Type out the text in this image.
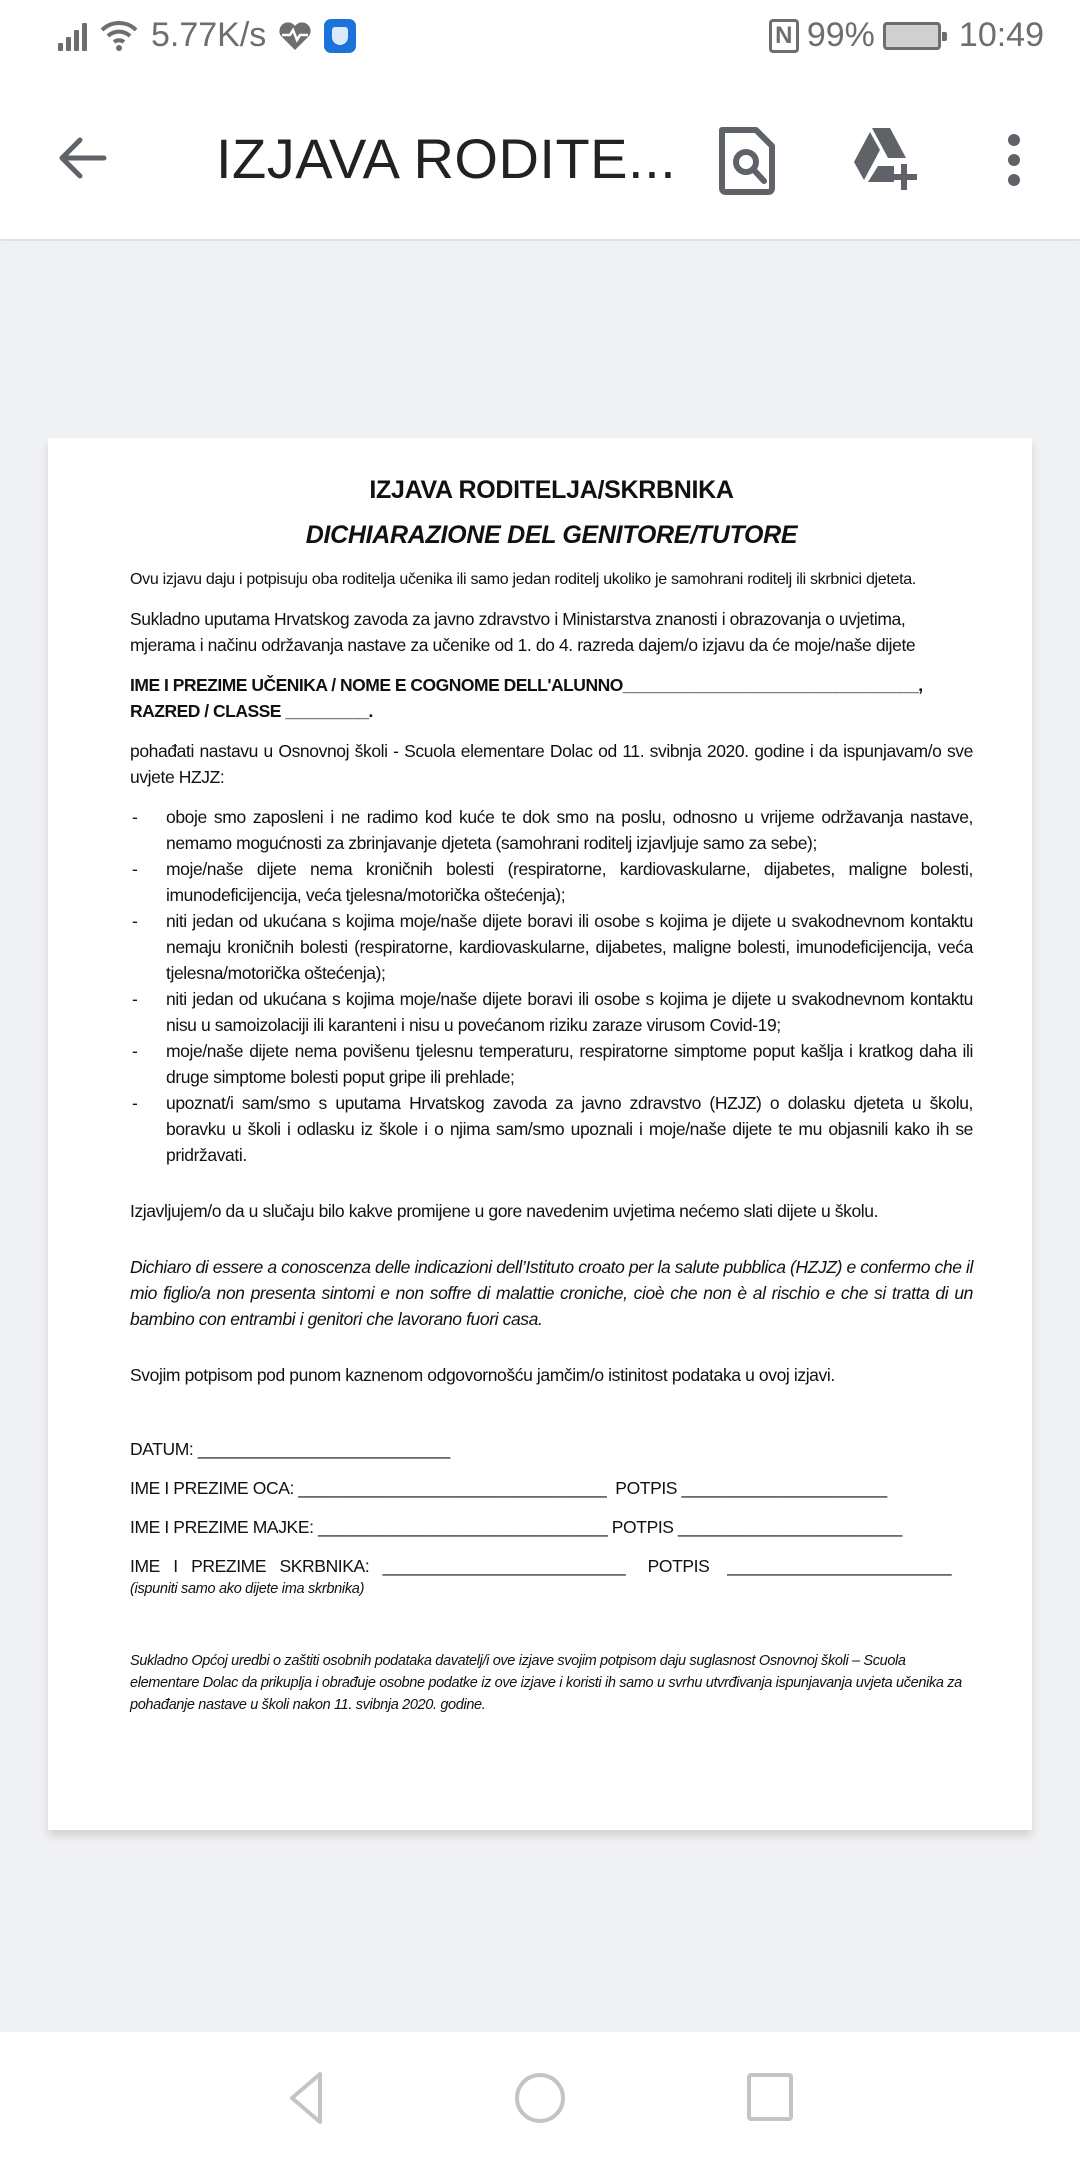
5.77K/s	N 99% 10:49
IZJAVA RODITE...
IZJAVA RODITELJA/SKRBNIKA
DICHIARAZIONE DEL GENITORE/TUTORE

Ovu izjavu daju i potpisuju oba roditelja učenika ili samo jedan roditelj ukoliko je samohrani roditelj ili skrbnici djeteta.

Sukladno uputama Hrvatskog zavoda za javno zdravstvo i Ministarstva znanosti i obrazovanja o uvjetima, mjerama i načinu održavanja nastave za učenike od 1. do 4. razreda dajem/o izjavu da će moje/naše dijete

IME I PREZIME UČENIKA / NOME E COGNOME DELL'ALUNNO________________________________,
RAZRED / CLASSE _________.

pohađati nastavu u Osnovnoj školi - Scuola elementare Dolac od 11. svibnja 2020. godine i da ispunjavam/o sve uvjete HZJZ:

- oboje smo zaposleni i ne radimo kod kuće te dok smo na poslu, odnosno u vrijeme održavanja nastave, nemamo mogućnosti za zbrinjavanje djeteta (samohrani roditelj izjavljuje samo za sebe);
- moje/naše dijete nema kroničnih bolesti (respiratorne, kardiovaskularne, dijabetes, maligne bolesti, imunodeficijencija, veća tjelesna/motorička oštećenja);
- niti jedan od ukućana s kojima moje/naše dijete boravi ili osobe s kojima je dijete u svakodnevnom kontaktu nemaju kroničnih bolesti (respiratorne, kardiovaskularne, dijabetes, maligne bolesti, imunodeficijencija, veća tjelesna/motorička oštećenja);
- niti jedan od ukućana s kojima moje/naše dijete boravi ili osobe s kojima je dijete u svakodnevnom kontaktu nisu u samoizolaciji ili karanteni i nisu u povećanom riziku zaraze virusom Covid-19;
- moje/naše dijete nema povišenu tjelesnu temperaturu, respiratorne simptome poput kašlja i kratkog daha ili druge simptome bolesti poput gripe ili prehlade;
- upoznat/i sam/smo s uputama Hrvatskog zavoda za javno zdravstvo (HZJZ) o dolasku djeteta u školu, boravku u školi i odlasku iz škole i o njima sam/smo upoznali i moje/naše dijete te mu objasnili kako ih se pridržavati.

Izjavljujem/o da u slučaju bilo kakve promijene u gore navedenim uvjetima nećemo slati dijete u školu.

Dichiaro di essere a conoscenza delle indicazioni dell’Istituto croato per la salute pubblica (HZJZ) e confermo che il mio figlio/a non presenta sintomi e non soffre di malattie croniche, cioè che non è al rischio e che si tratta di un bambino con entrambi i genitori che lavorano fuori casa.

Svojim potpisom pod punom kaznenom odgovornošću jamčim/o istinitost podataka u ovoj izjavi.

DATUM: ___________________________
IME I PREZIME OCA: _________________________________  POTPIS ______________________
IME I PREZIME MAJKE: _______________________________ POTPIS ________________________
IME   I   PREZIME   SKRBNIKA:   __________________________     POTPIS    ________________________
(ispuniti samo ako dijete ima skrbnika)

Sukladno Općoj uredbi o zaštiti osobnih podataka davatelj/i ove izjave svojim potpisom daju suglasnost Osnovnoj školi – Scuola elementare Dolac da prikuplja i obrađuje osobne podatke iz ove izjave i koristi ih samo u svrhu utvrđivanja ispunjavanja uvjeta učenika za pohađanje nastave u školi nakon 11. svibnja 2020. godine.
